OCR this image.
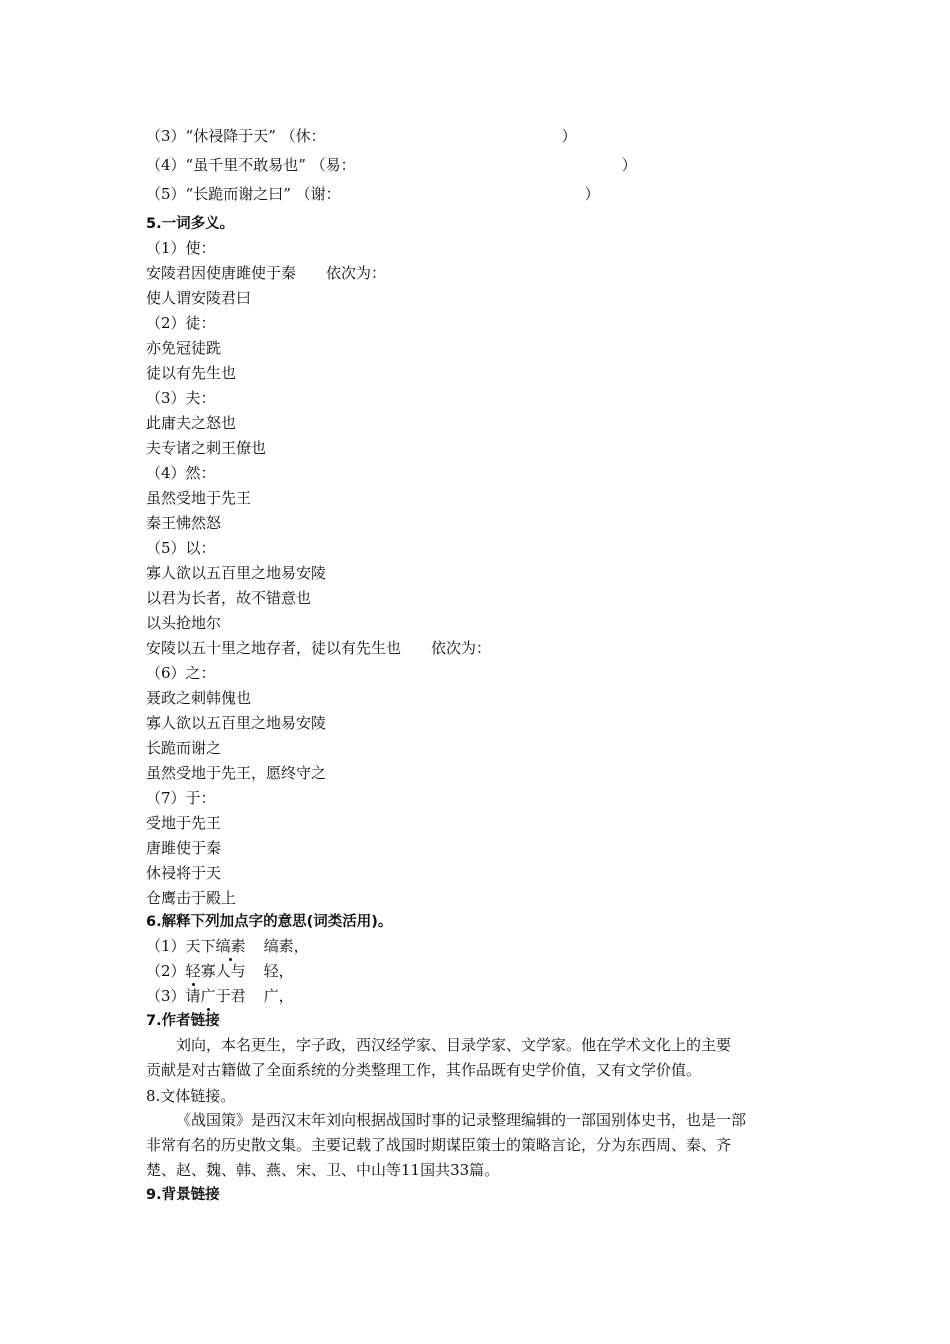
（3）“休祲降于天” （休：	）
（4）“虽千里不敢易也” （易：	）
（5）“长跪而谢之曰” （谢：	）
5.一词多义。
（1）使：
安陵君因使唐雎使于秦 依次为：
使人谓安陵君曰
（2）徒：
亦免冠徒跣
徒以有先生也
（3）夫：
此庸夫之怒也
夫专诸之刺王僚也
（4）然：
虽然受地于先王
秦王怫然怒
（5）以：
寡人欲以五百里之地易安陵
以君为长者，故不错意也
以头抢地尔
安陵以五十里之地存者，徒以有先生也 依次为：
（6）之：
聂政之刺韩傀也
寡人欲以五百里之地易安陵
长跪而谢之
虽然受地于先王，愿终守之
（7）于：
受地于先王
唐雎使于秦
休祲将于天
仓鹰击于殿上
6.解释下列加点字的意思(词类活用)。
（1）天下缟素 缟素，
（2）轻寡人与 轻，
（3）请广于君 广，
7.作者链接
刘向，本名更生，字子政，西汉经学家、目录学家、文学家。他在学术文化上的主要
贡献是对古籍做了全面系统的分类整理工作，其作品既有史学价值，又有文学价值。
8.文体链接。
《战国策》是西汉末年刘向根据战国时事的记录整理编辑的一部国别体史书，也是一部
非常有名的历史散文集。主要记载了战国时期谋臣策士的策略言论，分为东西周、秦、齐
楚、赵、魏、韩、燕、宋、卫、中山等11国共33篇。
9.背景链接
